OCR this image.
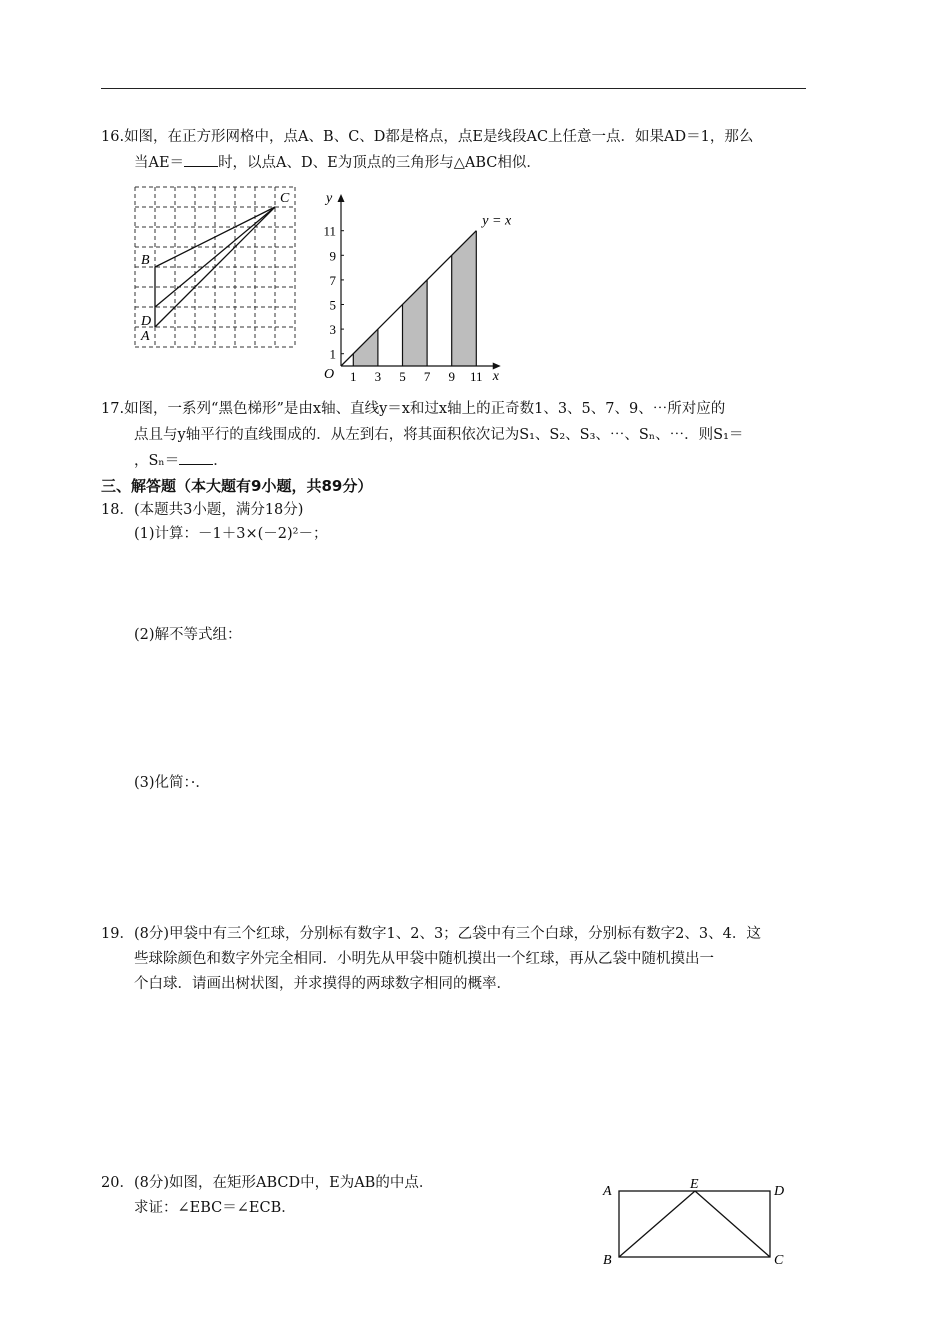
16.如图，在正方形网格中，点A、B、C、D都是格点，点E是线段AC上任意一点．如果AD＝1，那么
当AE＝ 时，以点A、D、E为顶点的三角形与△ABC相似．
C
B
D
A
1 3 5 7 9 11
1
3
5
7
9
11
x
y
O
y = x
17.如图，一系列“黑色梯形”是由x轴、直线y＝x和过x轴上的正奇数1、3、5、7、9、⋯所对应的
点且与y轴平行的直线围成的．从左到右，将其面积依次记为S₁、S₂、S₃、⋯、Sₙ、⋯．则S₁＝
，Sₙ＝ ．
三、解答题（本大题有9小题，共89分）
18．(本题共3小题，满分18分)
(1)计算：－1＋3×(－2)²－；
(2)解不等式组：
(3)化简：·．
19．(8分)甲袋中有三个红球，分别标有数字1、2、3；乙袋中有三个白球，分别标有数字2、3、4．这
些球除颜色和数字外完全相同．小明先从甲袋中随机摸出一个红球，再从乙袋中随机摸出一
个白球．请画出树状图，并求摸得的两球数字相同的概率．
20．(8分)如图，在矩形ABCD中，E为AB的中点．
求证：∠EBC＝∠ECB．
A	E	D
B	C
